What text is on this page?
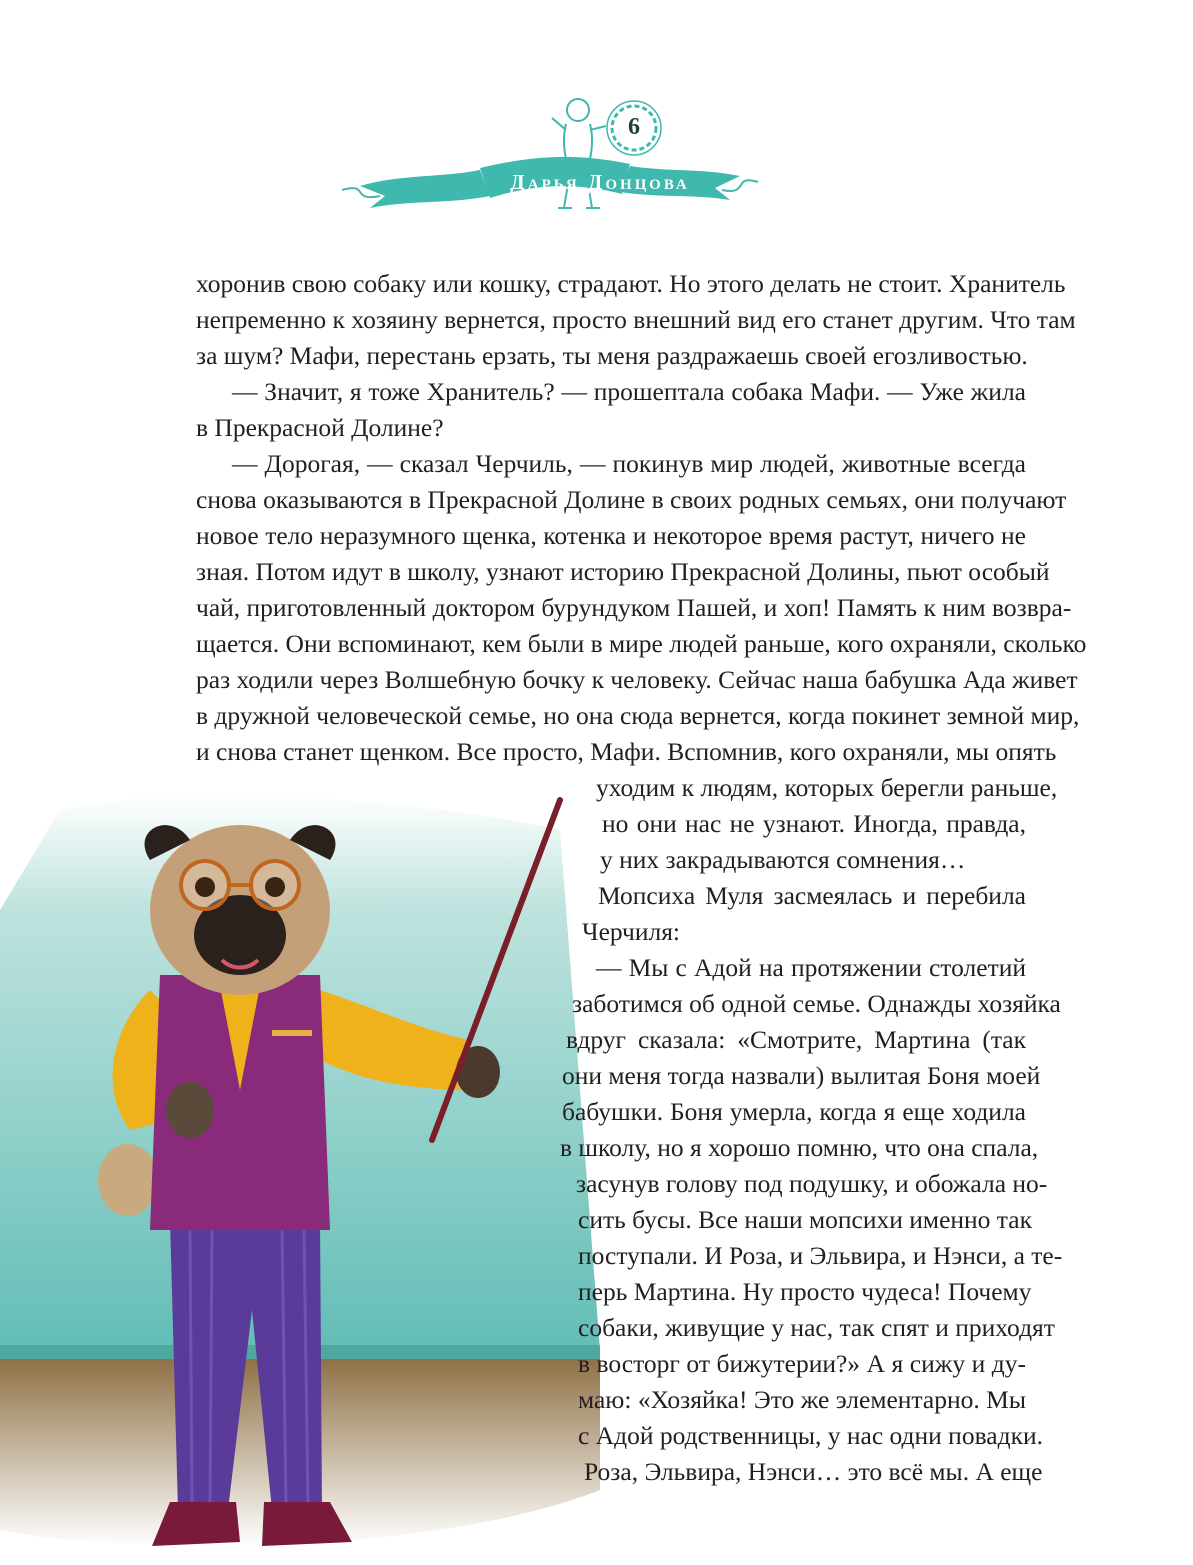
6
Дарья Донцова
хоронив свою собаку или кошку, страдают. Но этого делать не стоит. Хранитель
непременно к хозяину вернется, просто внешний вид его станет другим. Что там
за шум? Мафи, перестань ерзать, ты меня раздражаешь своей егозливостью.
— Значит, я тоже Хранитель? — прошептала собака Мафи. — Уже жила
в Прекрасной Долине?
— Дорогая, — сказал Черчиль, — покинув мир людей, животные всегда
снова оказываются в Прекрасной Долине в своих родных семьях, они получают
новое тело неразумного щенка, котенка и некоторое время растут, ничего не
зная. Потом идут в школу, узнают историю Прекрасной Долины, пьют особый
чай, приготовленный доктором бурундуком Пашей, и хоп! Память к ним возвра-
щается. Они вспоминают, кем были в мире людей раньше, кого охраняли, сколько
раз ходили через Волшебную бочку к человеку. Сейчас наша бабушка Ада живет
в дружной человеческой семье, но она сюда вернется, когда покинет земной мир,
и снова станет щенком. Все просто, Мафи. Вспомнив, кого охраняли, мы опять
уходим к людям, которых берегли раньше,
но они нас не узнают. Иногда, правда,
у них закрадываются сомнения…
Мопсиха Муля засмеялась и перебила
Черчиля:
— Мы с Адой на протяжении столетий
заботимся об одной семье. Однажды хозяйка
вдруг сказала: «Смотрите, Мартина (так
они меня тогда назвали) вылитая Боня моей
бабушки. Боня умерла, когда я еще ходила
в школу, но я хорошо помню, что она спала,
засунув голову под подушку, и обожала но-
сить бусы. Все наши мопсихи именно так
поступали. И Роза, и Эльвира, и Нэнси, а те-
перь Мартина. Ну просто чудеса! Почему
собаки, живущие у нас, так спят и приходят
в восторг от бижутерии?» А я сижу и ду-
маю: «Хозяйка! Это же элементарно. Мы
с Адой родственницы, у нас одни повадки.
Роза, Эльвира, Нэнси… это всё мы. А еще
